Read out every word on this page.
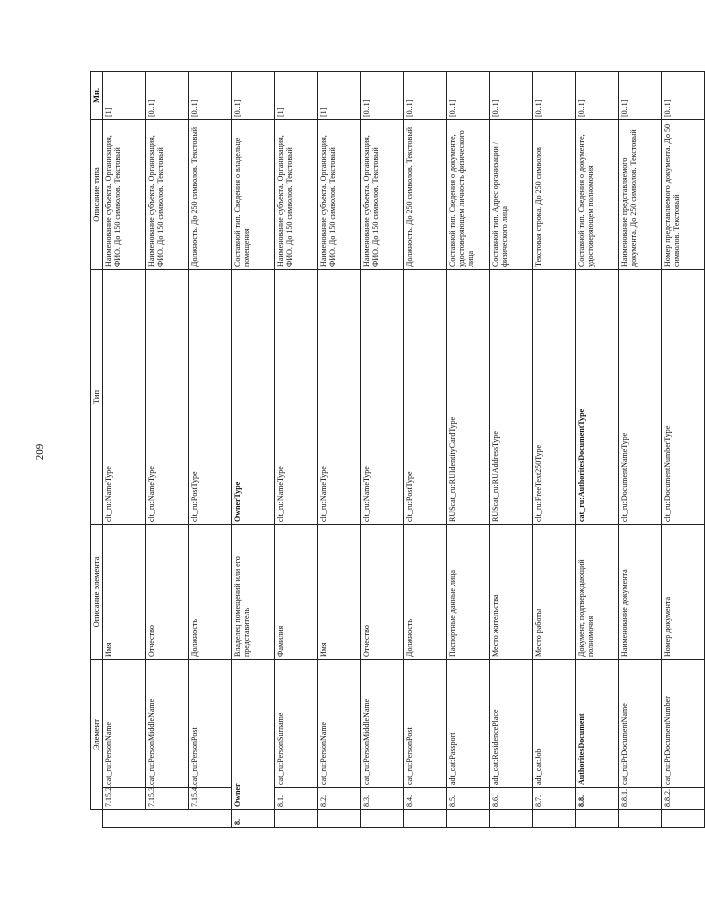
209
	Элемент		Описание элемента	Тип	Описание типа	Мн.
	7.15.2.	cat_ru:PersonName	Имя	clt_ru:NameType	Наименование субъекта. Организация, ФИО. До 150 символов. Текстовый	[1]
	7.15.3.	cat_ru:PersonMiddleName	Отчество	clt_ru:NameType	Наименование субъекта. Организация, ФИО. До 150 символов. Текстовый	[0..1]
	7.15.4.	cat_ru:PersonPost	Должность	clt_ru:PostType	Должность. До 250 символов. Текстовый	[0..1]
8.	Owner		Владелец помещений или его представитель	OwnerType	Составной тип. Сведения о владельце помещения	[0..1]
	8.1.	cat_ru:PersonSurname	Фамилия	clt_ru:NameType	Наименование субъекта. Организация, ФИО. До 150 символов. Текстовый	[1]
	8.2.	cat_ru:PersonName	Имя	clt_ru:NameType	Наименование субъекта. Организация, ФИО. До 150 символов. Текстовый	[1]
	8.3.	cat_ru:PersonMiddleName	Отчество	clt_ru:NameType	Наименование субъекта. Организация, ФИО. До 150 символов. Текстовый	[0..1]
	8.4.	cat_ru:PersonPost	Должность	clt_ru:PostType	Должность. До 250 символов. Текстовый	[0..1]
	8.5.	adt_cat:Passport	Паспортные данные лица	RUScat_ru:RUIdentityCardType	Составной тип. Сведения о документе, удостоверяющем личность физического лица	[0..1]
	8.6.	adt_cat:ResidencePlace	Место жительства	RUScat_ru:RUAddressType	Составной тип. Адрес организации / физического лица	[0..1]
	8.7.	adt_cat:Job	Место работы	clt_ru:FreeText250Type	Текстовая строка. До 250 символов	[0..1]
	8.8.	AuthoritesDocument	Документ, подтверждающий полномочия	cat_ru:AuthoritesDocumentType	Составной тип. Сведения о документе, удостоверяющем полномочия	[0..1]
	8.8.1.	cat_ru:PrDocumentName	Наименование документа	clt_ru:DocumentNameType	Наименование представляемого документа. До 250 символов. Текстовый	[0..1]
	8.8.2.	cat_ru:PrDocumentNumber	Номер документа	clt_ru:DocumentNumberType	Номер представляемого документа. До 50 символов. Текстовый	[0..1]
